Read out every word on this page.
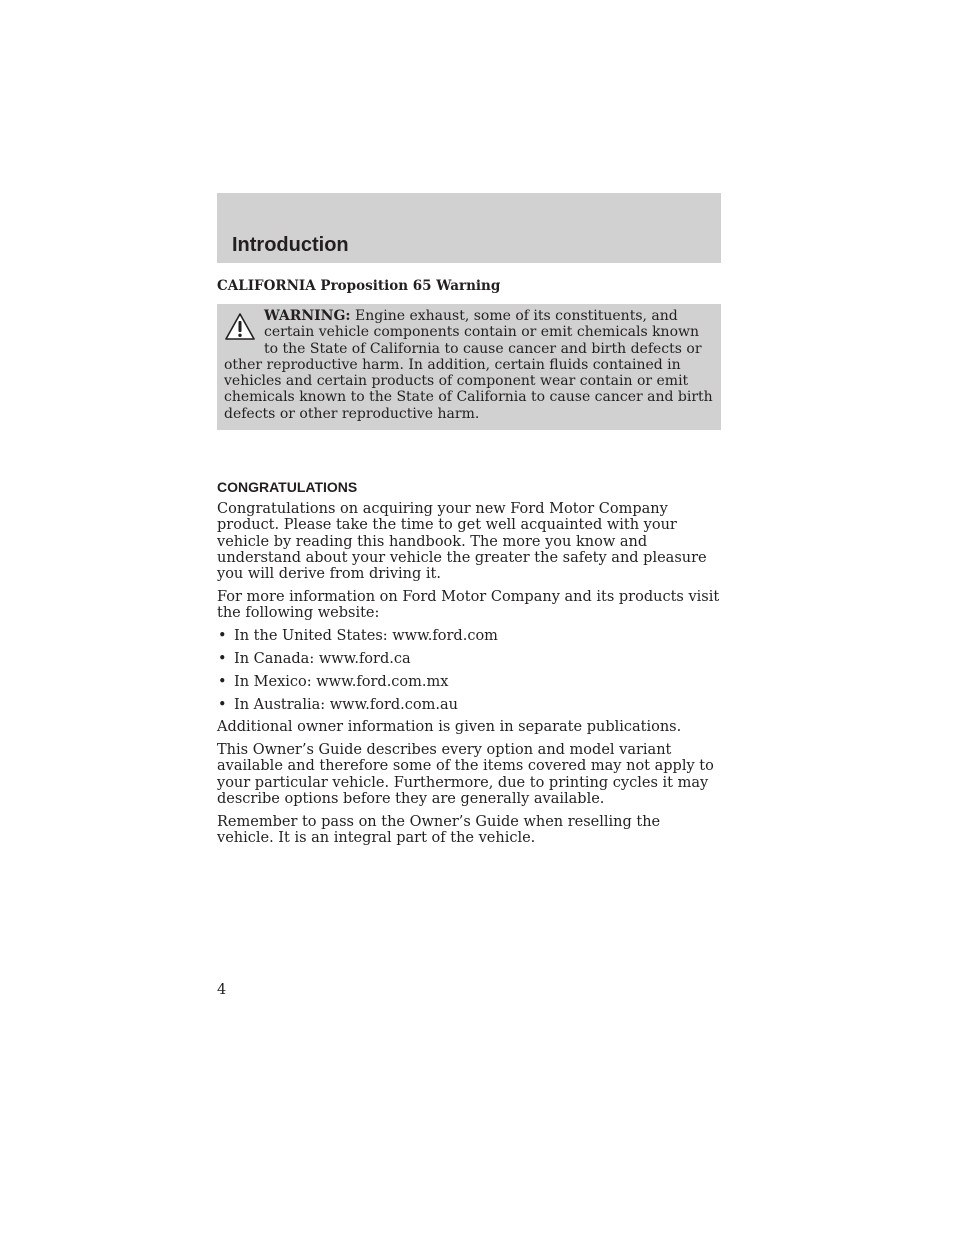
Introduction
CALIFORNIA Proposition 65 Warning
WARNING: Engine exhaust, some of its constituents, and certain vehicle components contain or emit chemicals known to the State of California to cause cancer and birth defects or other reproductive harm. In addition, certain fluids contained in vehicles and certain products of component wear contain or emit chemicals known to the State of California to cause cancer and birth defects or other reproductive harm.
CONGRATULATIONS

Congratulations on acquiring your new Ford Motor Company product. Please take the time to get well acquainted with your vehicle by reading this handbook. The more you know and understand about your vehicle the greater the safety and pleasure you will derive from driving it.

For more information on Ford Motor Company and its products visit the following website:

• In the United States: www.ford.com
• In Canada: www.ford.ca
• In Mexico: www.ford.com.mx
• In Australia: www.ford.com.au

Additional owner information is given in separate publications.

This Owner’s Guide describes every option and model variant available and therefore some of the items covered may not apply to your particular vehicle. Furthermore, due to printing cycles it may describe options before they are generally available.

Remember to pass on the Owner’s Guide when reselling the vehicle. It is an integral part of the vehicle.

4
